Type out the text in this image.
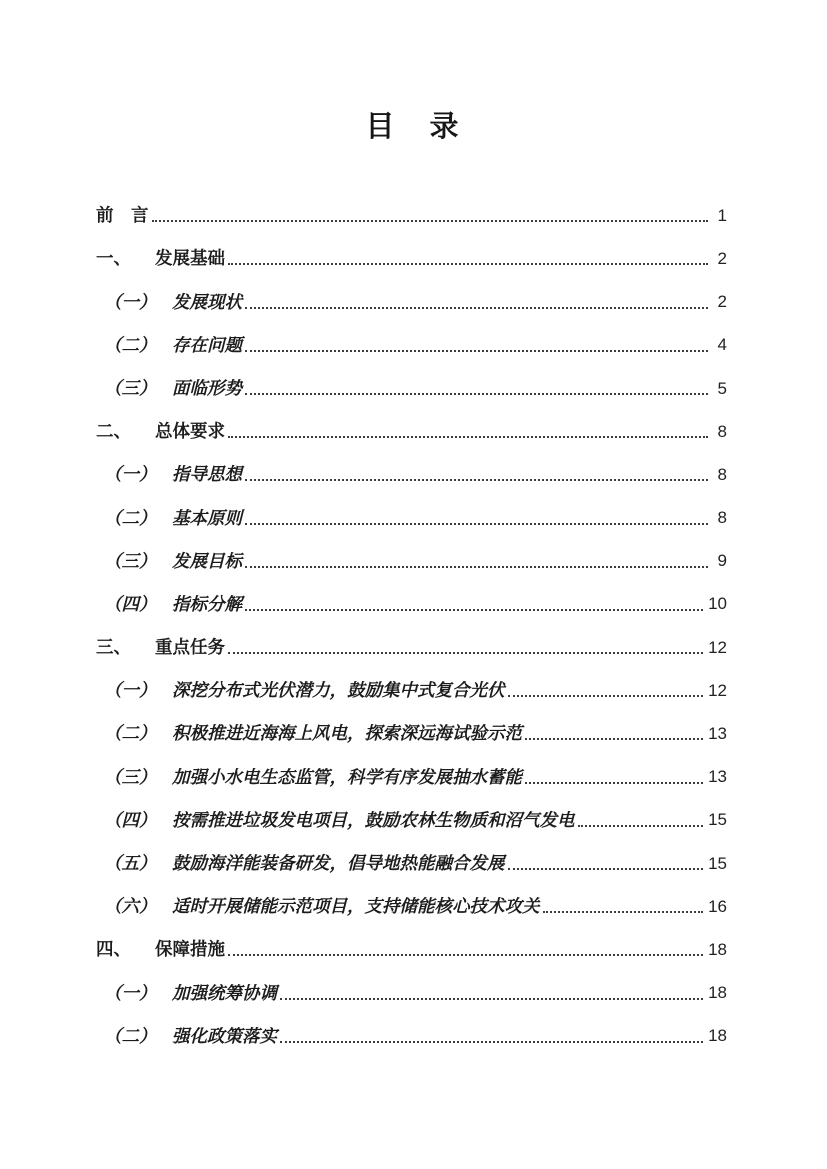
目　录
前　言	1
一、	发展基础	2
（一） 发展现状	2
（二） 存在问题	4
（三） 面临形势	5
二、	总体要求	8
（一） 指导思想	8
（二） 基本原则	8
（三） 发展目标	9
（四） 指标分解	10
三、	重点任务	12
（一） 深挖分布式光伏潜力，鼓励集中式复合光伏	12
（二） 积极推进近海海上风电，探索深远海试验示范	13
（三） 加强小水电生态监管，科学有序发展抽水蓄能	13
（四） 按需推进垃圾发电项目，鼓励农林生物质和沼气发电	15
（五） 鼓励海洋能装备研发，倡导地热能融合发展	15
（六） 适时开展储能示范项目，支持储能核心技术攻关	16
四、	保障措施	18
（一） 加强统筹协调	18
（二） 强化政策落实	18
